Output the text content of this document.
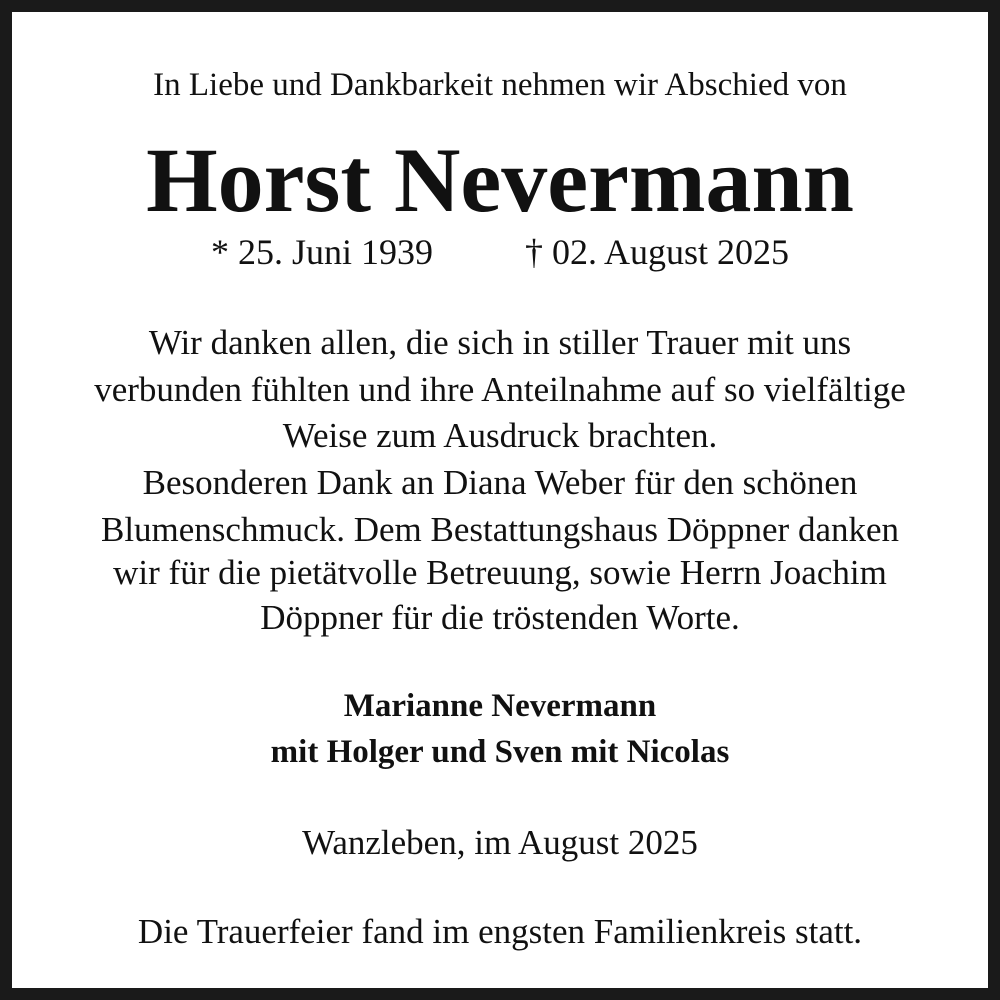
In Liebe und Dankbarkeit nehmen wir Abschied von
Horst Nevermann
* 25. Juni 1939	† 02. August 2025
Wir danken allen, die sich in stiller Trauer mit uns
verbunden fühlten und ihre Anteilnahme auf so vielfältige
Weise zum Ausdruck brachten.
Besonderen Dank an Diana Weber für den schönen
Blumenschmuck. Dem Bestattungshaus Döppner danken
wir für die pietätvolle Betreuung, sowie Herrn Joachim
Döppner für die tröstenden Worte.
Marianne Nevermann
mit Holger und Sven mit Nicolas
Wanzleben, im August 2025
Die Trauerfeier fand im engsten Familienkreis statt.
